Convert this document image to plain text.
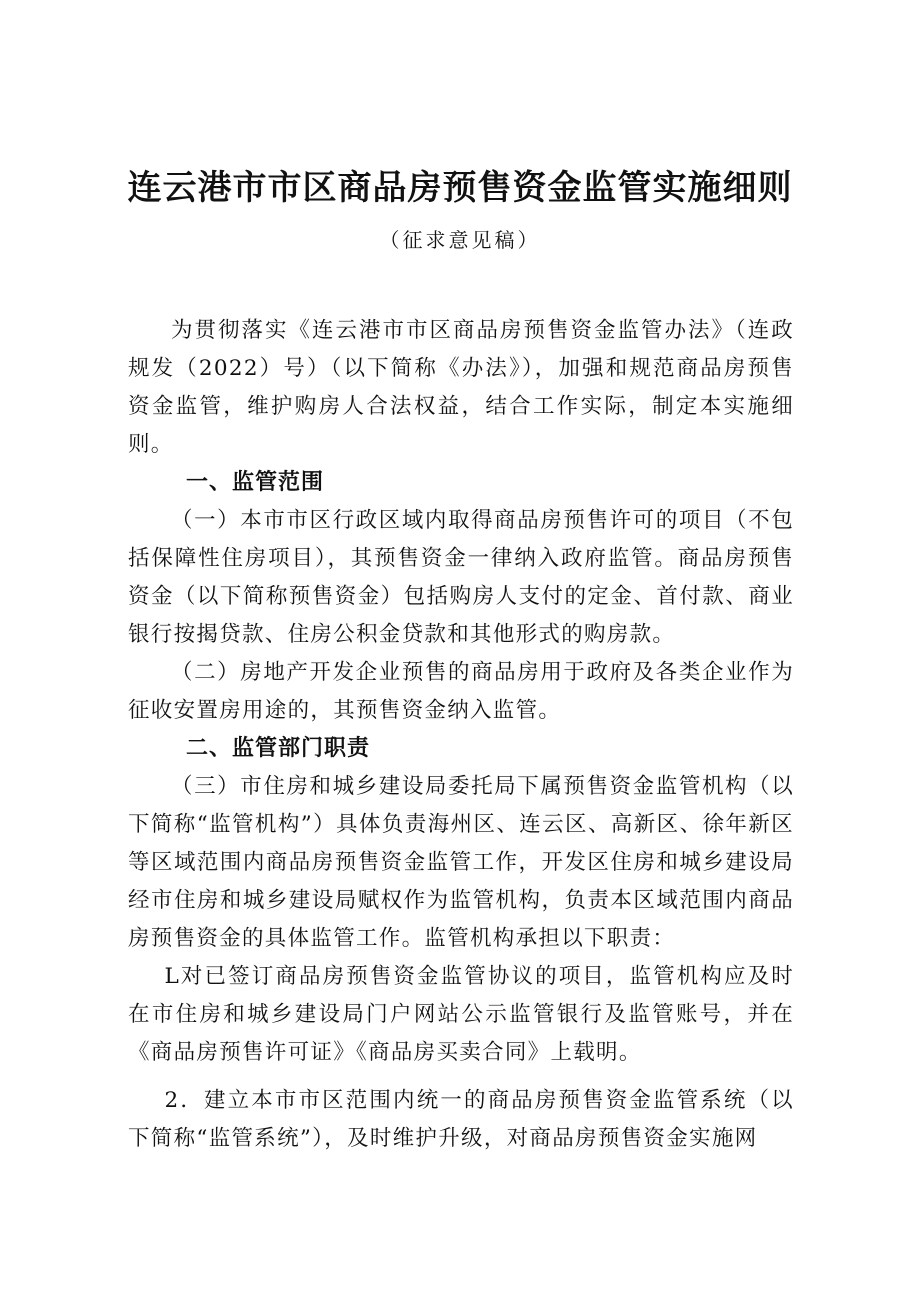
连云港市市区商品房预售资金监管实施细则
（征求意见稿）

为贯彻落实《连云港市市区商品房预售资金监管办法》（连政规发（2022）号）（以下简称《办法》），加强和规范商品房预售资金监管，维护购房人合法权益，结合工作实际，制定本实施细则。

一、监管范围

（一）本市市区行政区域内取得商品房预售许可的项目（不包括保障性住房项目），其预售资金一律纳入政府监管。商品房预售资金（以下简称预售资金）包括购房人支付的定金、首付款、商业银行按揭贷款、住房公积金贷款和其他形式的购房款。

（二）房地产开发企业预售的商品房用于政府及各类企业作为征收安置房用途的，其预售资金纳入监管。

二、监管部门职责

（三）市住房和城乡建设局委托局下属预售资金监管机构（以下简称“监管机构”）具体负责海州区、连云区、高新区、徐年新区等区域范围内商品房预售资金监管工作，开发区住房和城乡建设局经市住房和城乡建设局赋权作为监管机构，负责本区域范围内商品房预售资金的具体监管工作。监管机构承担以下职责：

L对已签订商品房预售资金监管协议的项目，监管机构应及时在市住房和城乡建设局门户网站公示监管银行及监管账号，并在《商品房预售许可证》《商品房买卖合同》上载明。

2．建立本市市区范围内统一的商品房预售资金监管系统（以下简称“监管系统”），及时维护升级，对商品房预售资金实施网
